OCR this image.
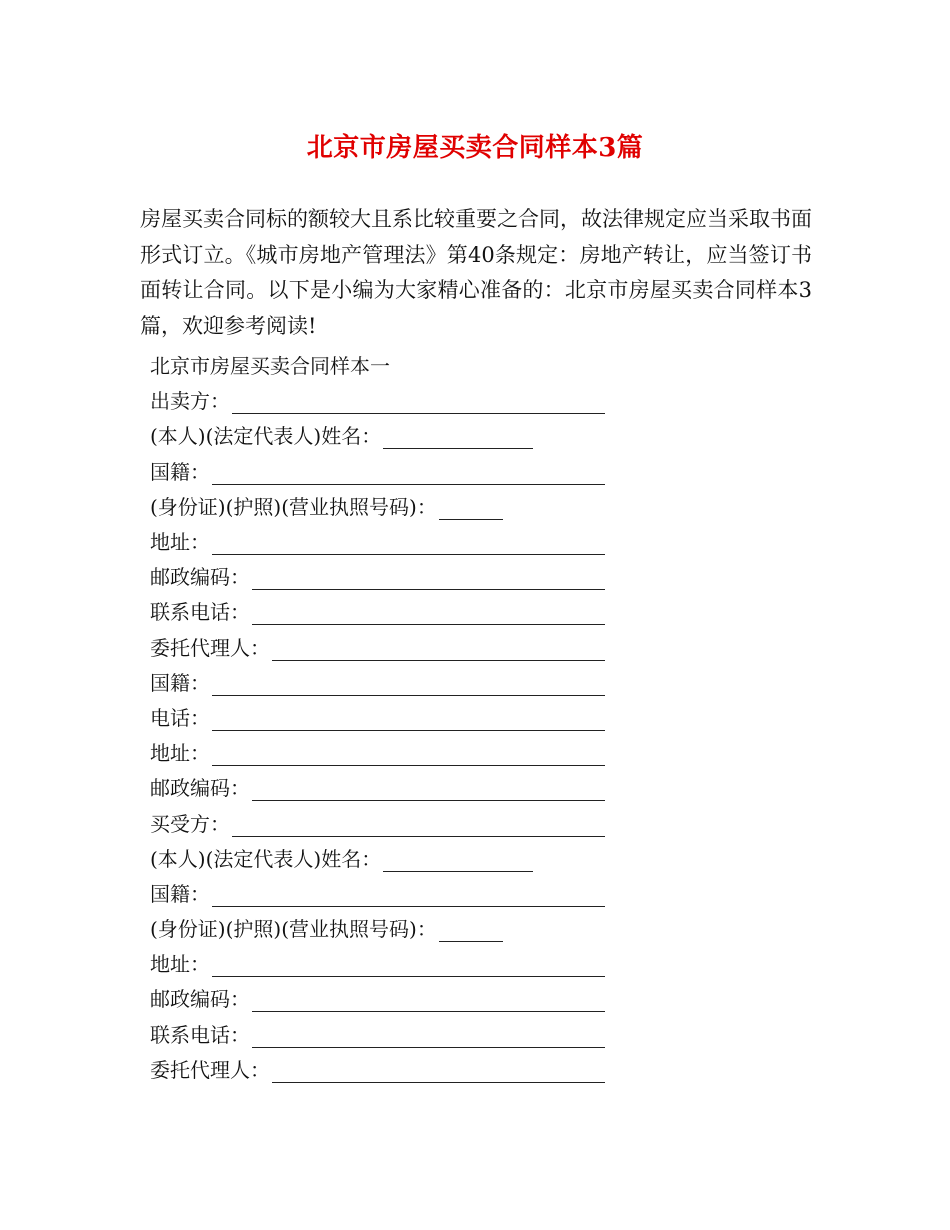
北京市房屋买卖合同样本3篇

房屋买卖合同标的额较大且系比较重要之合同，故法律规定应当采取书面形式订立。《城市房地产管理法》第40条规定：房地产转让，应当签订书面转让合同。以下是小编为大家精心准备的：北京市房屋买卖合同样本3篇，欢迎参考阅读!

北京市房屋买卖合同样本一
出卖方：
(本人)(法定代表人)姓名：
国籍：
(身份证)(护照)(营业执照号码)：
地址：
邮政编码：
联系电话：
委托代理人：
国籍：
电话：
地址：
邮政编码：
买受方：
(本人)(法定代表人)姓名：
国籍：
(身份证)(护照)(营业执照号码)：
地址：
邮政编码：
联系电话：
委托代理人：
